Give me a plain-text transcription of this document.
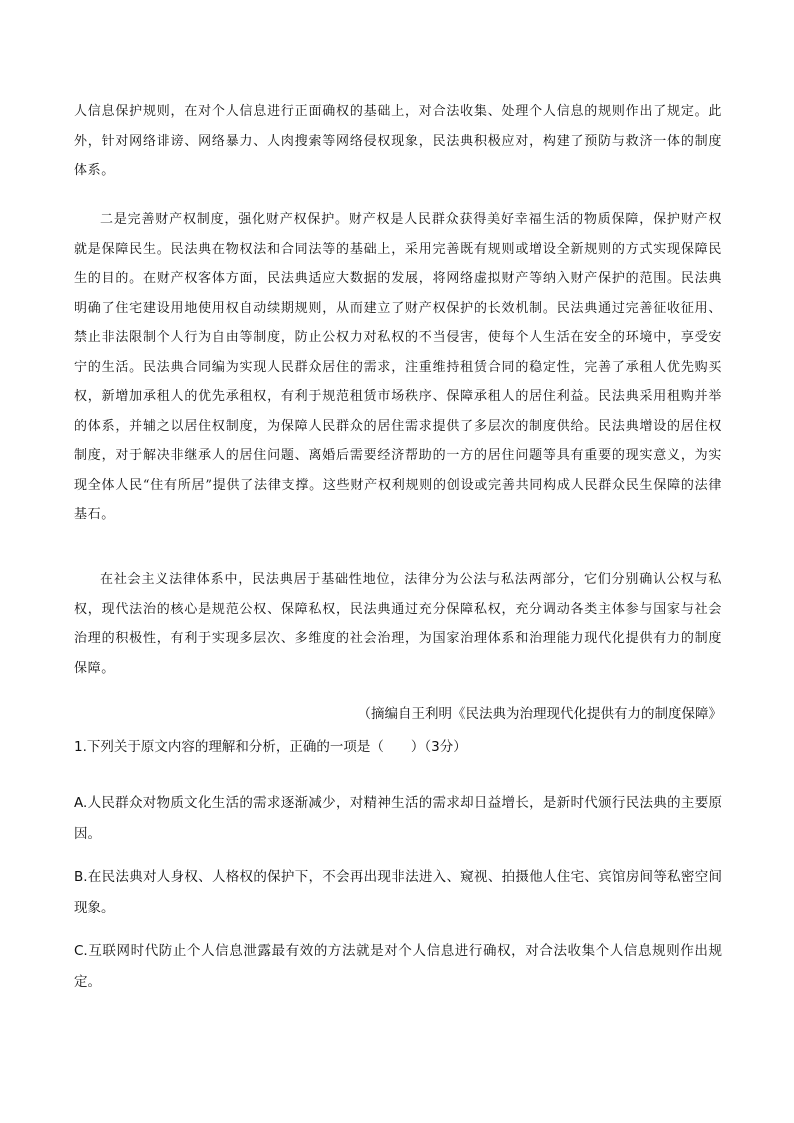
人信息保护规则，在对个人信息进行正面确权的基础上，对合法收集、处理个人信息的规则作出了规定。此外，针对网络诽谤、网络暴力、人肉搜索等网络侵权现象，民法典积极应对，构建了预防与救济一体的制度体系。

二是完善财产权制度，强化财产权保护。财产权是人民群众获得美好幸福生活的物质保障，保护财产权就是保障民生。民法典在物权法和合同法等的基础上，采用完善既有规则或增设全新规则的方式实现保障民生的目的。在财产权客体方面，民法典适应大数据的发展，将网络虚拟财产等纳入财产保护的范围。民法典明确了住宅建设用地使用权自动续期规则，从而建立了财产权保护的长效机制。民法典通过完善征收征用、禁止非法限制个人行为自由等制度，防止公权力对私权的不当侵害，使每个人生活在安全的环境中，享受安宁的生活。民法典合同编为实现人民群众居住的需求，注重维持租赁合同的稳定性，完善了承租人优先购买权，新增加承租人的优先承租权，有利于规范租赁市场秩序、保障承租人的居住利益。民法典采用租购并举的体系，并辅之以居住权制度，为保障人民群众的居住需求提供了多层次的制度供给。民法典增设的居住权制度，对于解决非继承人的居住问题、离婚后需要经济帮助的一方的居住问题等具有重要的现实意义，为实现全体人民“住有所居”提供了法律支撑。这些财产权利规则的创设或完善共同构成人民群众民生保障的法律基石。

在社会主义法律体系中，民法典居于基础性地位，法律分为公法与私法两部分，它们分别确认公权与私权，现代法治的核心是规范公权、保障私权，民法典通过充分保障私权，充分调动各类主体参与国家与社会治理的积极性，有利于实现多层次、多维度的社会治理，为国家治理体系和治理能力现代化提供有力的制度保障。

（摘编自王利明《民法典为治理现代化提供有力的制度保障》

1.下列关于原文内容的理解和分析，正确的一项是（　　）（3分）

A.人民群众对物质文化生活的需求逐渐减少，对精神生活的需求却日益增长，是新时代颁行民法典的主要原因。

B.在民法典对人身权、人格权的保护下，不会再出现非法进入、窥视、拍摄他人住宅、宾馆房间等私密空间现象。

C.互联网时代防止个人信息泄露最有效的方法就是对个人信息进行确权，对合法收集个人信息规则作出规定。
